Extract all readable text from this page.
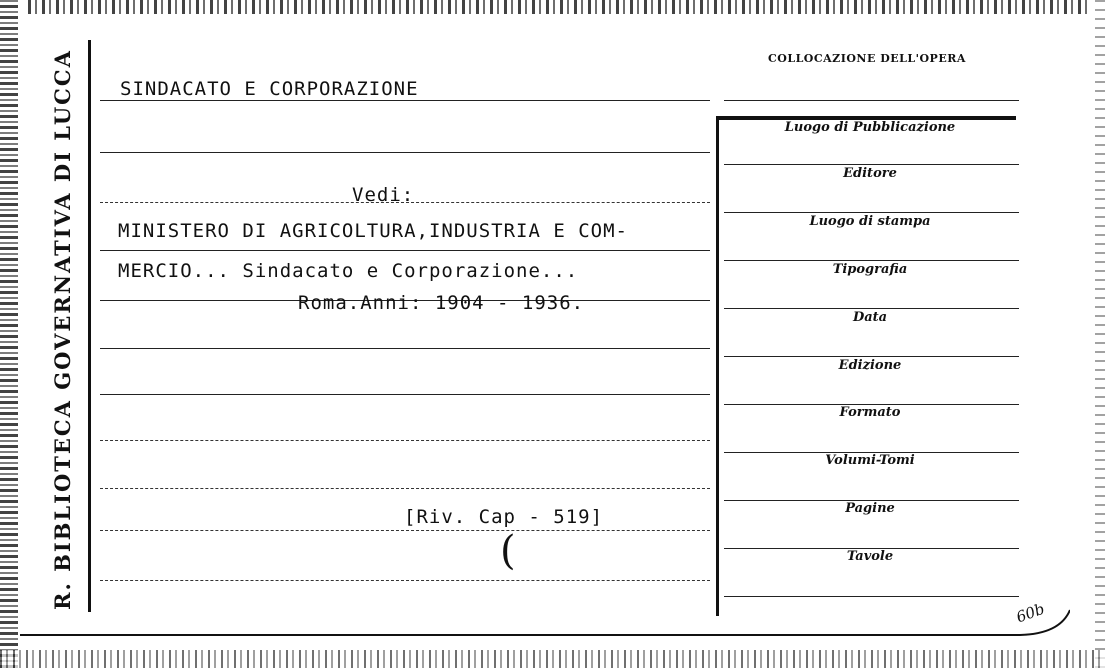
R. BIBLIOTECA GOVERNATIVA DI LUCCA	SINDACATO E CORPORAZIONE
Vedi:
MINISTERO DI AGRICOLTURA,INDUSTRIA E COM-
MERCIO... Sindacato e Corporazione...
Roma.Anni: 1904 - 1936.
[Riv. Cap - 519]
(
COLLOCAZIONE DELL'OPERA
Luogo di Pubblicazione
Editore
Luogo di stampa
Tipografia
Data
Edizione
Formato
Volumi-Tomi
Pagine
Tavole
60b
